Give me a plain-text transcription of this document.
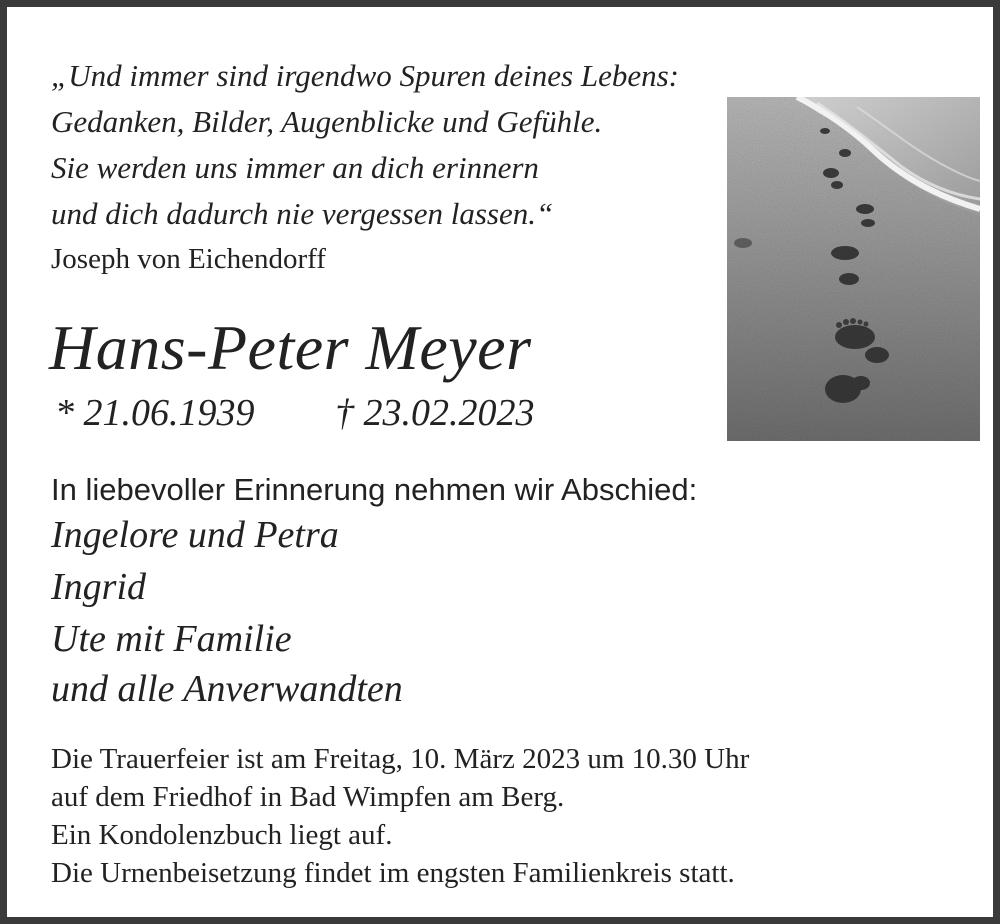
„Und immer sind irgendwo Spuren deines Lebens:
Gedanken, Bilder, Augenblicke und Gefühle.
Sie werden uns immer an dich erinnern
und dich dadurch nie vergessen lassen.“
Joseph von Eichendorff
Hans-Peter Meyer
* 21.06.1939 † 23.02.2023
In liebevoller Erinnerung nehmen wir Abschied:
Ingelore und Petra
Ingrid
Ute mit Familie
und alle Anverwandten
Die Trauerfeier ist am Freitag, 10. März 2023 um 10.30 Uhr
auf dem Friedhof in Bad Wimpfen am Berg.
Ein Kondolenzbuch liegt auf.
Die Urnenbeisetzung findet im engsten Familienkreis statt.
